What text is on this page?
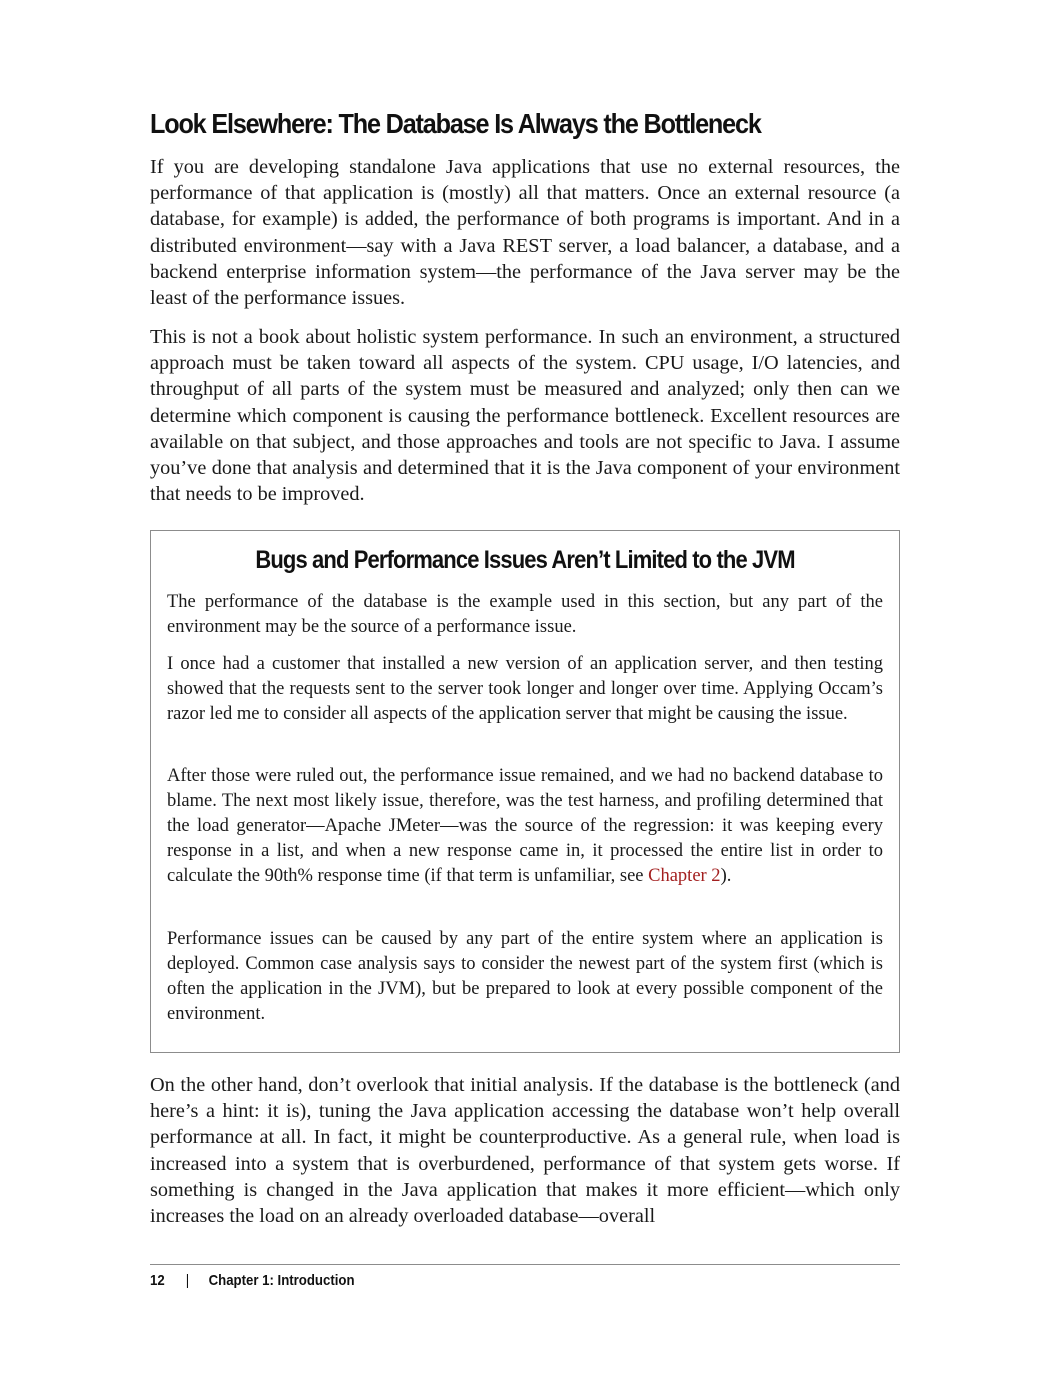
Look Elsewhere: The Database Is Always the Bottleneck

If you are developing standalone Java applications that use no external resources, the performance of that application is (mostly) all that matters. Once an external resource (a database, for example) is added, the performance of both programs is important. And in a distributed environment—say with a Java REST server, a load balancer, a database, and a backend enterprise information system—the performance of the Java server may be the least of the performance issues.

This is not a book about holistic system performance. In such an environment, a structured approach must be taken toward all aspects of the system. CPU usage, I/O latencies, and throughput of all parts of the system must be measured and analyzed; only then can we determine which component is causing the performance bottleneck. Excellent resources are available on that subject, and those approaches and tools are not specific to Java. I assume you’ve done that analysis and determined that it is the Java component of your environment that needs to be improved.

Bugs and Performance Issues Aren’t Limited to the JVM

The performance of the database is the example used in this section, but any part of the environment may be the source of a performance issue.

I once had a customer that installed a new version of an application server, and then testing showed that the requests sent to the server took longer and longer over time. Applying Occam’s razor led me to consider all aspects of the application server that might be causing the issue.

After those were ruled out, the performance issue remained, and we had no backend database to blame. The next most likely issue, therefore, was the test harness, and profiling determined that the load generator—Apache JMeter—was the source of the regression: it was keeping every response in a list, and when a new response came in, it processed the entire list in order to calculate the 90th% response time (if that term is unfamiliar, see Chapter 2).

Performance issues can be caused by any part of the entire system where an application is deployed. Common case analysis says to consider the newest part of the system first (which is often the application in the JVM), but be prepared to look at every possible component of the environment.

On the other hand, don’t overlook that initial analysis. If the database is the bottleneck (and here’s a hint: it is), tuning the Java application accessing the database won’t help overall performance at all. In fact, it might be counterproductive. As a general rule, when load is increased into a system that is overburdened, performance of that system gets worse. If something is changed in the Java application that makes it more efficient—which only increases the load on an already overloaded database—overall

12 | Chapter 1: Introduction
